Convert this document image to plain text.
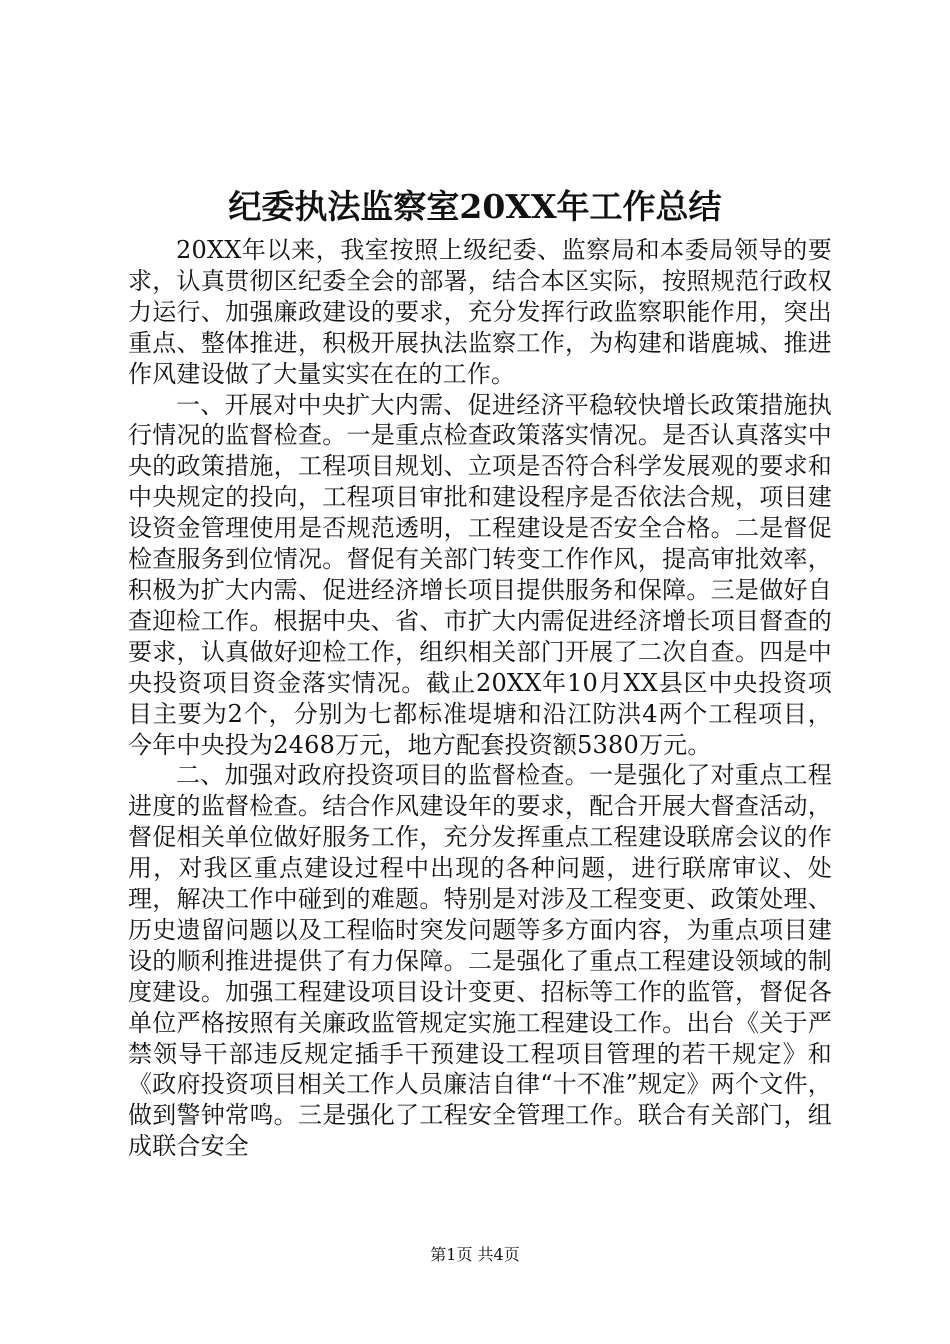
纪委执法监察室20XX年工作总结

20XX年以来，我室按照上级纪委、监察局和本委局领导的要求，认真贯彻区纪委全会的部署，结合本区实际，按照规范行政权力运行、加强廉政建设的要求，充分发挥行政监察职能作用，突出重点、整体推进，积极开展执法监察工作，为构建和谐鹿城、推进作风建设做了大量实实在在的工作。

一、开展对中央扩大内需、促进经济平稳较快增长政策措施执行情况的监督检查。一是重点检查政策落实情况。是否认真落实中央的政策措施，工程项目规划、立项是否符合科学发展观的要求和中央规定的投向，工程项目审批和建设程序是否依法合规，项目建设资金管理使用是否规范透明，工程建设是否安全合格。二是督促检查服务到位情况。督促有关部门转变工作作风，提高审批效率，积极为扩大内需、促进经济增长项目提供服务和保障。三是做好自查迎检工作。根据中央、省、市扩大内需促进经济增长项目督查的要求，认真做好迎检工作，组织相关部门开展了二次自查。四是中央投资项目资金落实情况。截止20XX年10月XX县区中央投资项目主要为2个，分别为七都标准堤塘和沿江防洪4两个工程项目，今年中央投为2468万元，地方配套投资额5380万元。

二、加强对政府投资项目的监督检查。一是强化了对重点工程进度的监督检查。结合作风建设年的要求，配合开展大督查活动，督促相关单位做好服务工作，充分发挥重点工程建设联席会议的作用，对我区重点建设过程中出现的各种问题，进行联席审议、处理，解决工作中碰到的难题。特别是对涉及工程变更、政策处理、历史遗留问题以及工程临时突发问题等多方面内容，为重点项目建设的顺利推进提供了有力保障。二是强化了重点工程建设领域的制度建设。加强工程建设项目设计变更、招标等工作的监管，督促各单位严格按照有关廉政监管规定实施工程建设工作。出台《关于严禁领导干部违反规定插手干预建设工程项目管理的若干规定》和《政府投资项目相关工作人员廉洁自律“十不准”规定》两个文件，做到警钟常鸣。三是强化了工程安全管理工作。联合有关部门，组成联合安全

第1页 共4页
